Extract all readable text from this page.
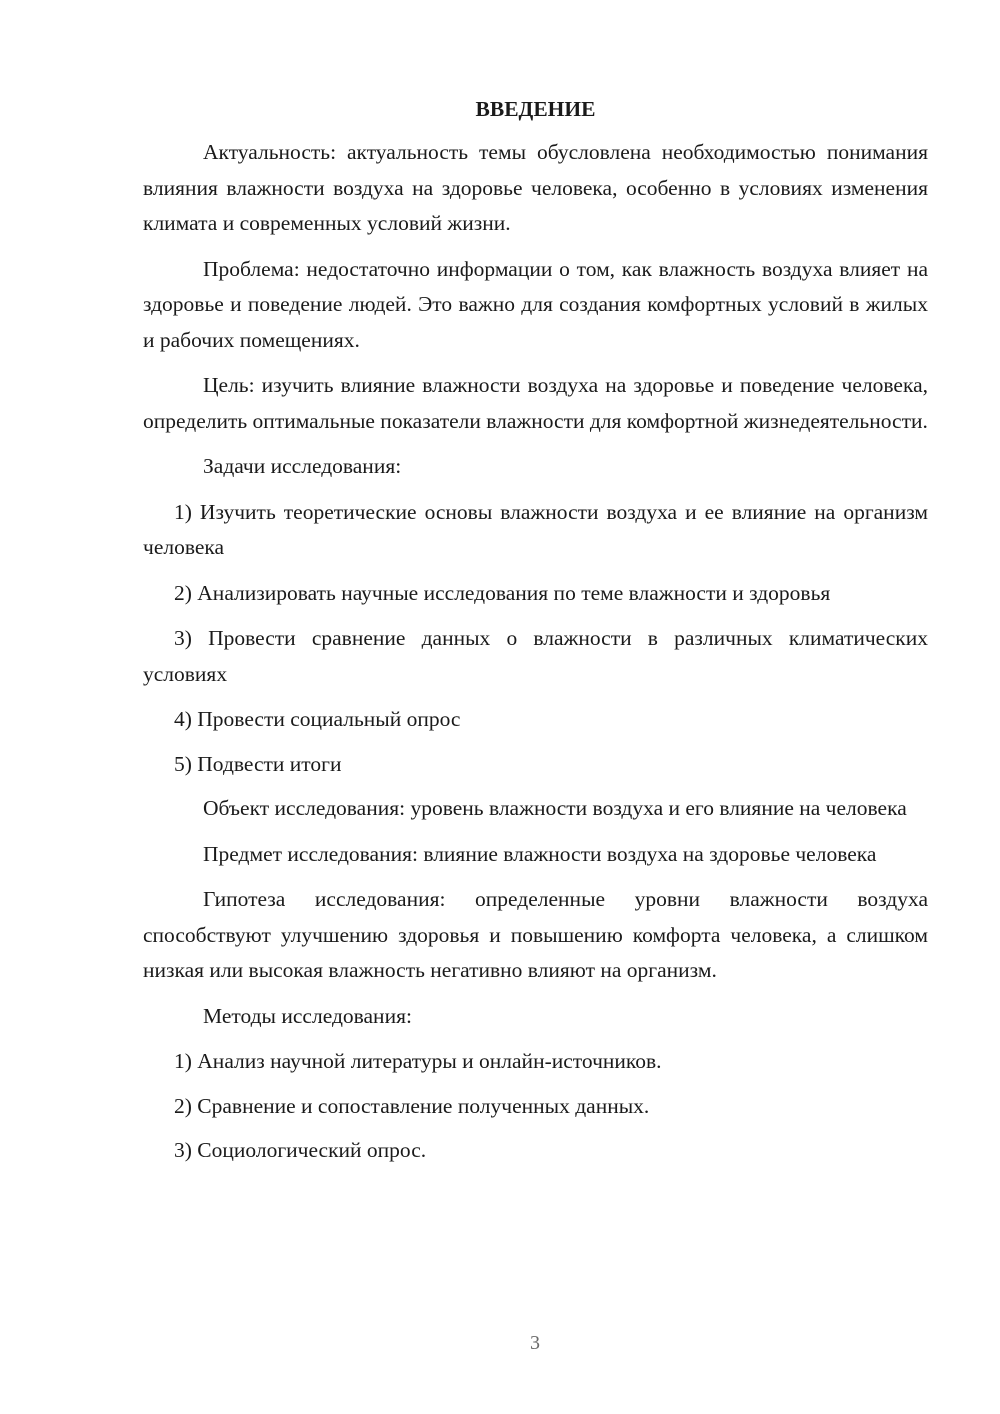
ВВЕДЕНИЕ

Актуальность: актуальность темы обусловлена необходимостью понимания влияния влажности воздуха на здоровье человека, особенно в условиях изменения климата и современных условий жизни.

Проблема: недостаточно информации о том, как влажность воздуха влияет на здоровье и поведение людей. Это важно для создания комфортных условий в жилых и рабочих помещениях.

Цель: изучить влияние влажности воздуха на здоровье и поведение человека, определить оптимальные показатели влажности для комфортной жизнедеятельности.

Задачи исследования:

1) Изучить теоретические основы влажности воздуха и ее влияние на организм человека

2) Анализировать научные исследования по теме влажности и здоровья

3) Провести сравнение данных о влажности в различных климатических условиях

4) Провести социальный опрос

5) Подвести итоги

Объект исследования: уровень влажности воздуха и его влияние на человека

Предмет исследования: влияние влажности воздуха на здоровье человека

Гипотеза исследования: определенные уровни влажности воздуха способствуют улучшению здоровья и повышению комфорта человека, а слишком низкая или высокая влажность негативно влияют на организм.

Методы исследования:

1) Анализ научной литературы и онлайн-источников.

2) Сравнение и сопоставление полученных данных.

3) Социологический опрос.

3
